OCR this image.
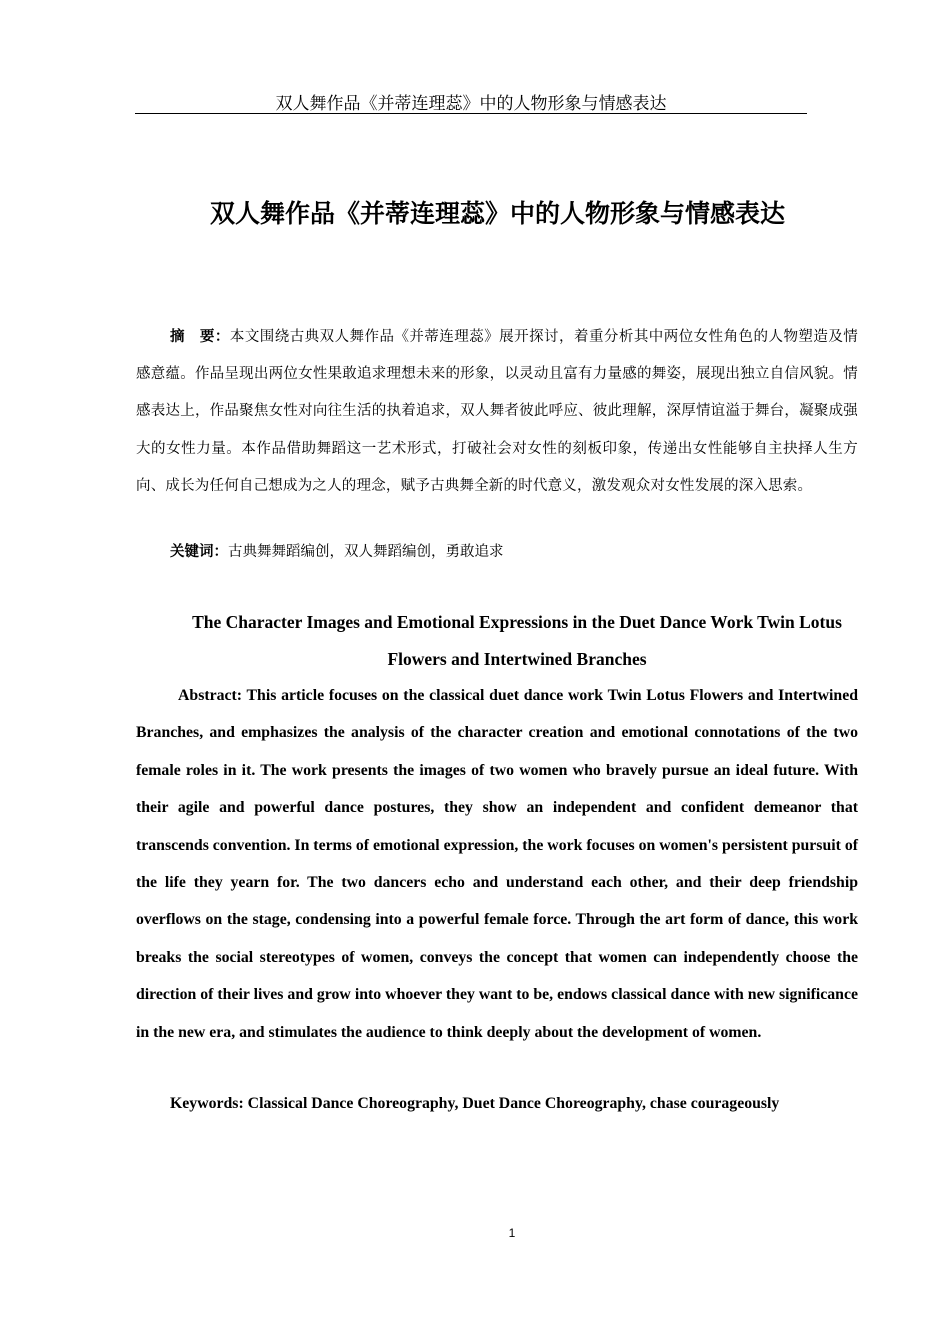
双人舞作品《并蒂连理蕊》中的人物形象与情感表达
双人舞作品《并蒂连理蕊》中的人物形象与情感表达

摘　要：本文围绕古典双人舞作品《并蒂连理蕊》展开探讨，着重分析其中两位女性角色的人物塑造及情感意蕴。作品呈现出两位女性果敢追求理想未来的形象，以灵动且富有力量感的舞姿，展现出独立自信风貌。情感表达上，作品聚焦女性对向往生活的执着追求，双人舞者彼此呼应、彼此理解，深厚情谊溢于舞台，凝聚成强大的女性力量。本作品借助舞蹈这一艺术形式，打破社会对女性的刻板印象，传递出女性能够自主抉择人生方向、成长为任何自己想成为之人的理念，赋予古典舞全新的时代意义，激发观众对女性发展的深入思索。

关键词：古典舞舞蹈编创，双人舞蹈编创，勇敢追求

The Character Images and Emotional Expressions in the Duet Dance Work Twin Lotus Flowers and Intertwined Branches

Abstract: This article focuses on the classical duet dance work Twin Lotus Flowers and Intertwined Branches, and emphasizes the analysis of the character creation and emotional connotations of the two female roles in it. The work presents the images of two women who bravely pursue an ideal future. With their agile and powerful dance postures, they show an independent and confident demeanor that transcends convention. In terms of emotional expression, the work focuses on women's persistent pursuit of the life they yearn for. The two dancers echo and understand each other, and their deep friendship overflows on the stage, condensing into a powerful female force. Through the art form of dance, this work breaks the social stereotypes of women, conveys the concept that women can independently choose the direction of their lives and grow into whoever they want to be, endows classical dance with new significance in the new era, and stimulates the audience to think deeply about the development of women.

Keywords: Classical Dance Choreography, Duet Dance Choreography, chase courageously

1
